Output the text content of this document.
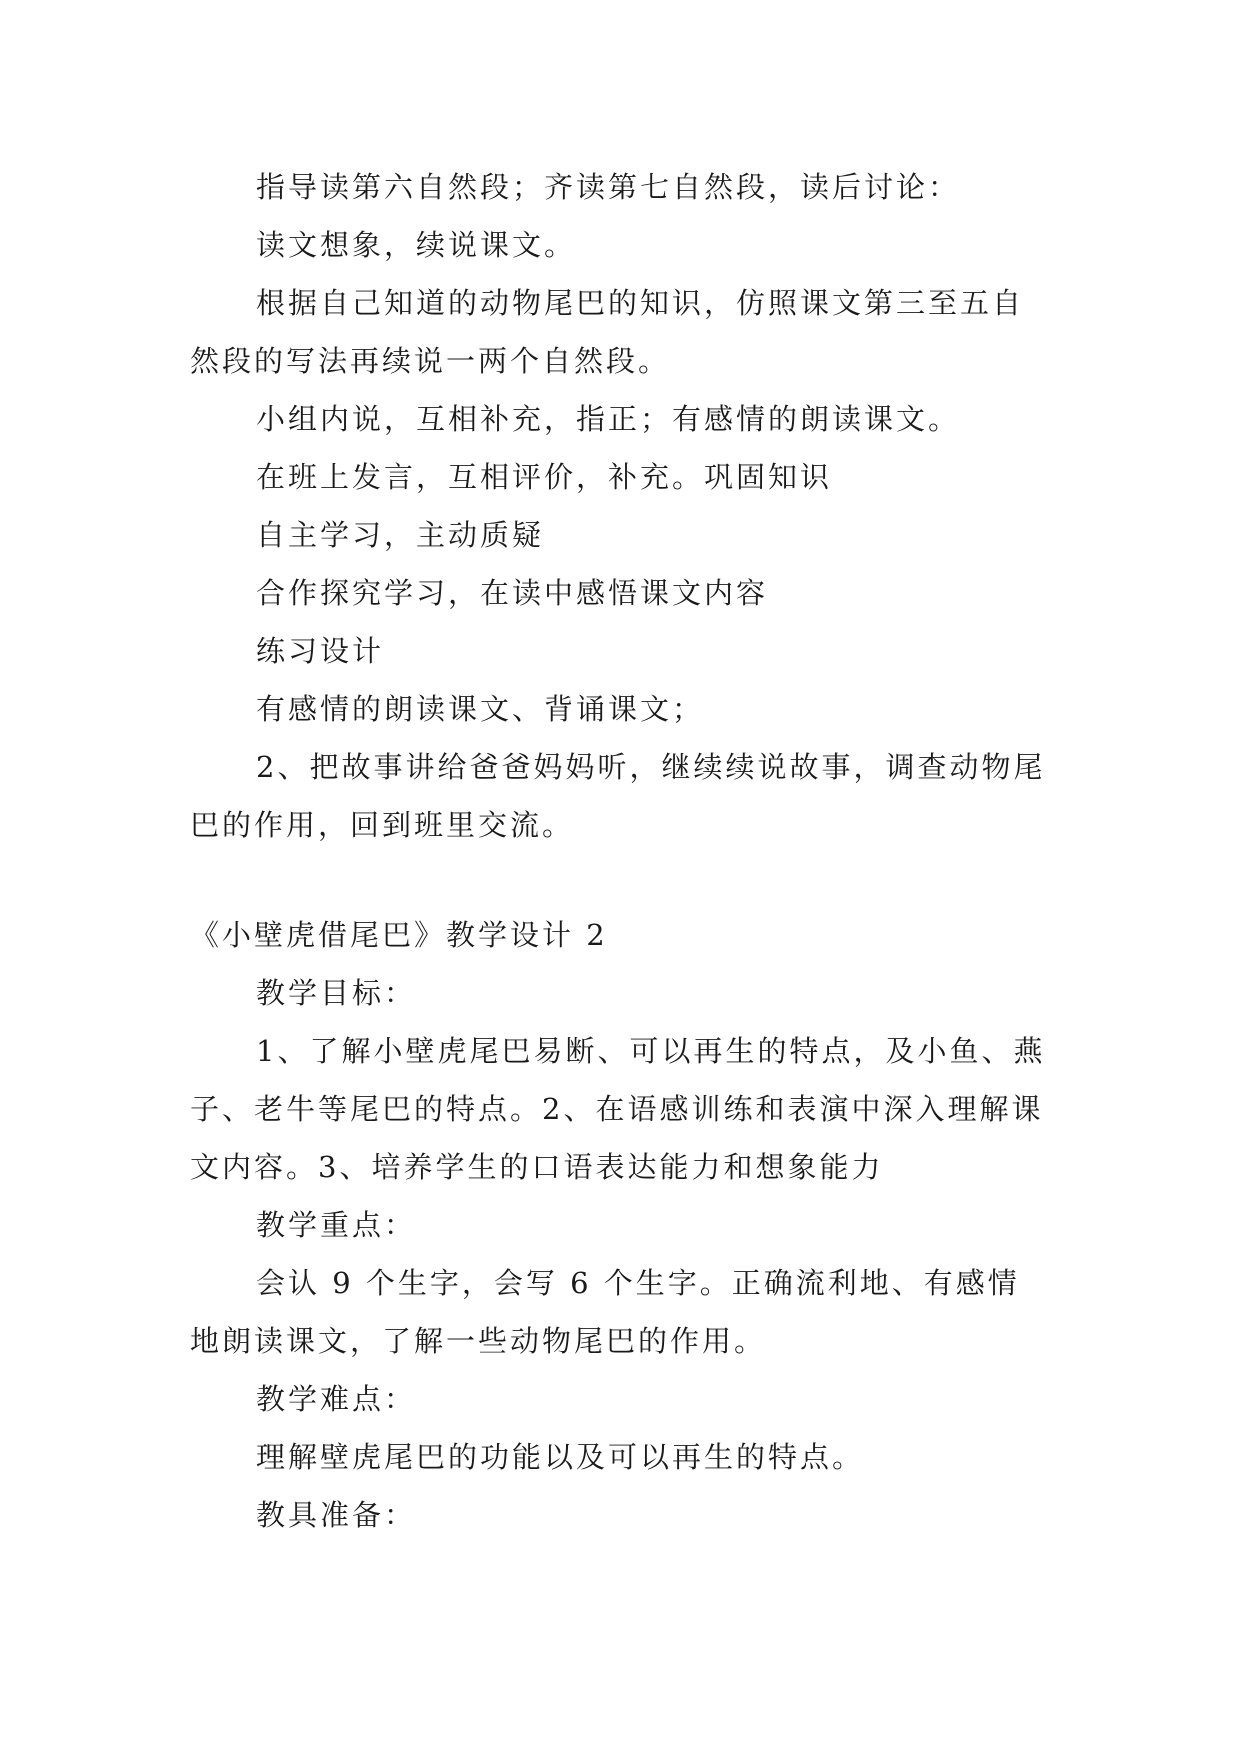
指导读第六自然段；齐读第七自然段，读后讨论：

读文想象，续说课文。

根据自己知道的动物尾巴的知识，仿照课文第三至五自然段的写法再续说一两个自然段。

小组内说，互相补充，指正；有感情的朗读课文。

在班上发言，互相评价，补充。巩固知识

自主学习，主动质疑

合作探究学习，在读中感悟课文内容

练习设计

有感情的朗读课文、背诵课文；

2、把故事讲给爸爸妈妈听，继续续说故事，调查动物尾巴的作用，回到班里交流。

《小壁虎借尾巴》教学设计 2

教学目标：

1、了解小壁虎尾巴易断、可以再生的特点，及小鱼、燕子、老牛等尾巴的特点。2、在语感训练和表演中深入理解课文内容。3、培养学生的口语表达能力和想象能力

教学重点：

会认 9 个生字，会写 6 个生字。正确流利地、有感情地朗读课文，了解一些动物尾巴的作用。

教学难点：

理解壁虎尾巴的功能以及可以再生的特点。

教具准备：
